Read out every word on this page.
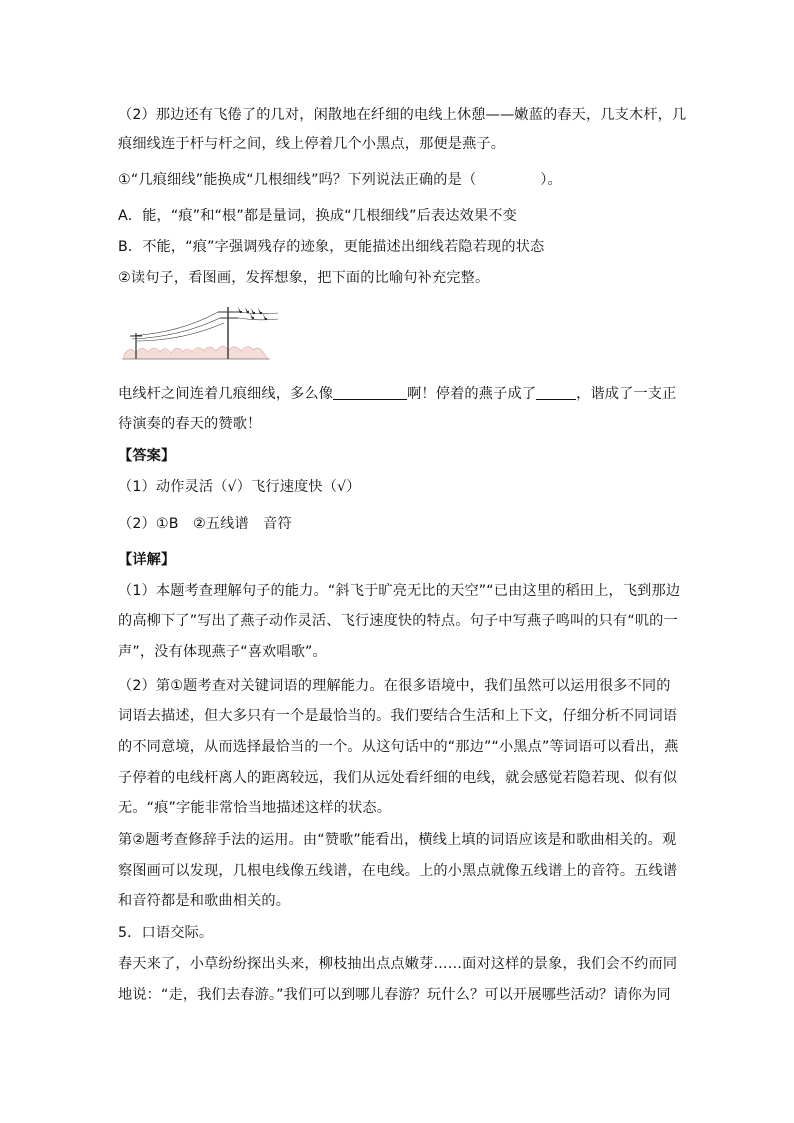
（2）那边还有飞倦了的几对，闲散地在纤细的电线上休憩——嫩蓝的春天，几支木杆，几
痕细线连于杆与杆之间，线上停着几个小黑点，那便是燕子。
①“几痕细线”能换成“几根细线”吗？下列说法正确的是（	）。
A．能，“痕”和“根”都是量词，换成“几根细线”后表达效果不变
B．不能，“痕”字强调残存的迹象，更能描述出细线若隐若现的状态
②读句子，看图画，发挥想象，把下面的比喻句补充完整。
电线杆之间连着几痕细线，多么像	啊！停着的燕子成了	，谐成了一支正
待演奏的春天的赞歌！
【答案】
（1）动作灵活（√）飞行速度快（√）
（2）①B　②五线谱　音符
【详解】
（1）本题考查理解句子的能力。“斜飞于旷亮无比的天空”“已由这里的稻田上，飞到那边
的高柳下了”写出了燕子动作灵活、飞行速度快的特点。句子中写燕子鸣叫的只有“叽的一
声”，没有体现燕子“喜欢唱歌”。
（2）第①题考查对关键词语的理解能力。在很多语境中，我们虽然可以运用很多不同的
词语去描述，但大多只有一个是最恰当的。我们要结合生活和上下文，仔细分析不同词语
的不同意境，从而选择最恰当的一个。从这句话中的“那边”“小黑点”等词语可以看出，燕
子停着的电线杆离人的距离较远，我们从远处看纤细的电线，就会感觉若隐若现、似有似
无。“痕”字能非常恰当地描述这样的状态。
第②题考查修辞手法的运用。由“赞歌”能看出，横线上填的词语应该是和歌曲相关的。观
察图画可以发现，几根电线像五线谱，在电线。上的小黑点就像五线谱上的音符。五线谱
和音符都是和歌曲相关的。
5．口语交际。
春天来了，小草纷纷探出头来，柳枝抽出点点嫩芽……面对这样的景象，我们会不约而同
地说：“走，我们去春游。”我们可以到哪儿春游？玩什么？可以开展哪些活动？请你为同
